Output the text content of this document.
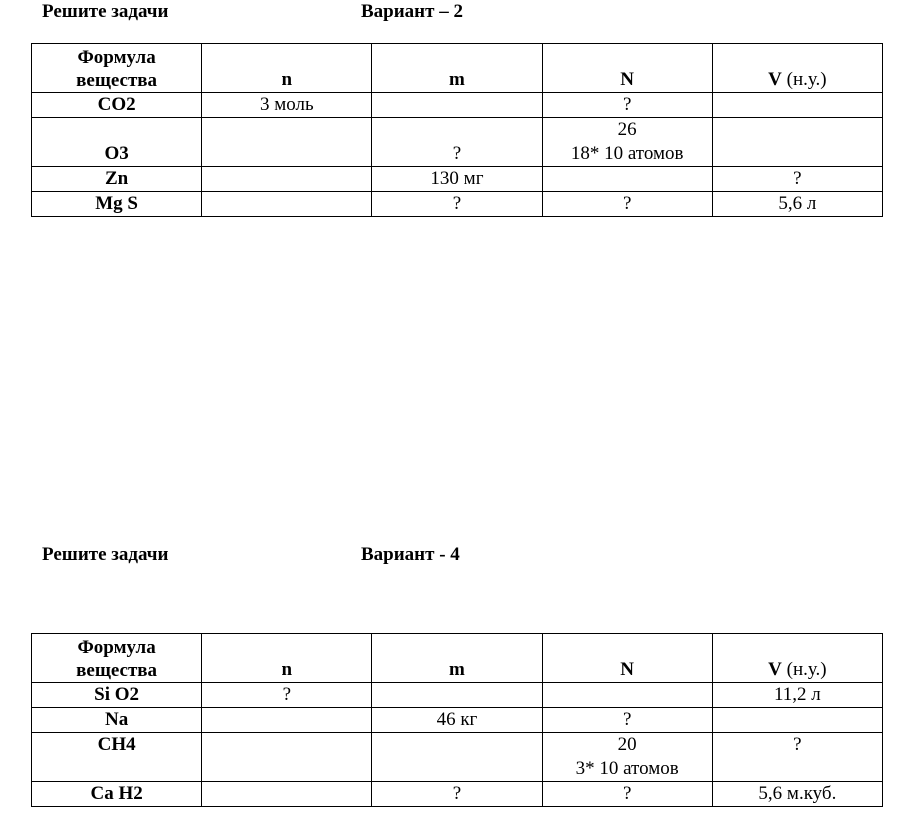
Решите задачи	Вариант – 2
Формула
вещества	n	m	N	V (н.у.)
CO2	3 моль		?	
O3		?	26
18* 10 атомов	

Zn		130 мг		?
Mg S		?	?	5,6 л
Решите задачи	Вариант - 4
Формула
вещества	n	m	N	V (н.у.)
Si O2	?			11,2 л
Na		46 кг	?	
CH4			20
3* 10 атомов	?
Ca H2		?	?	5,6 м.куб.
